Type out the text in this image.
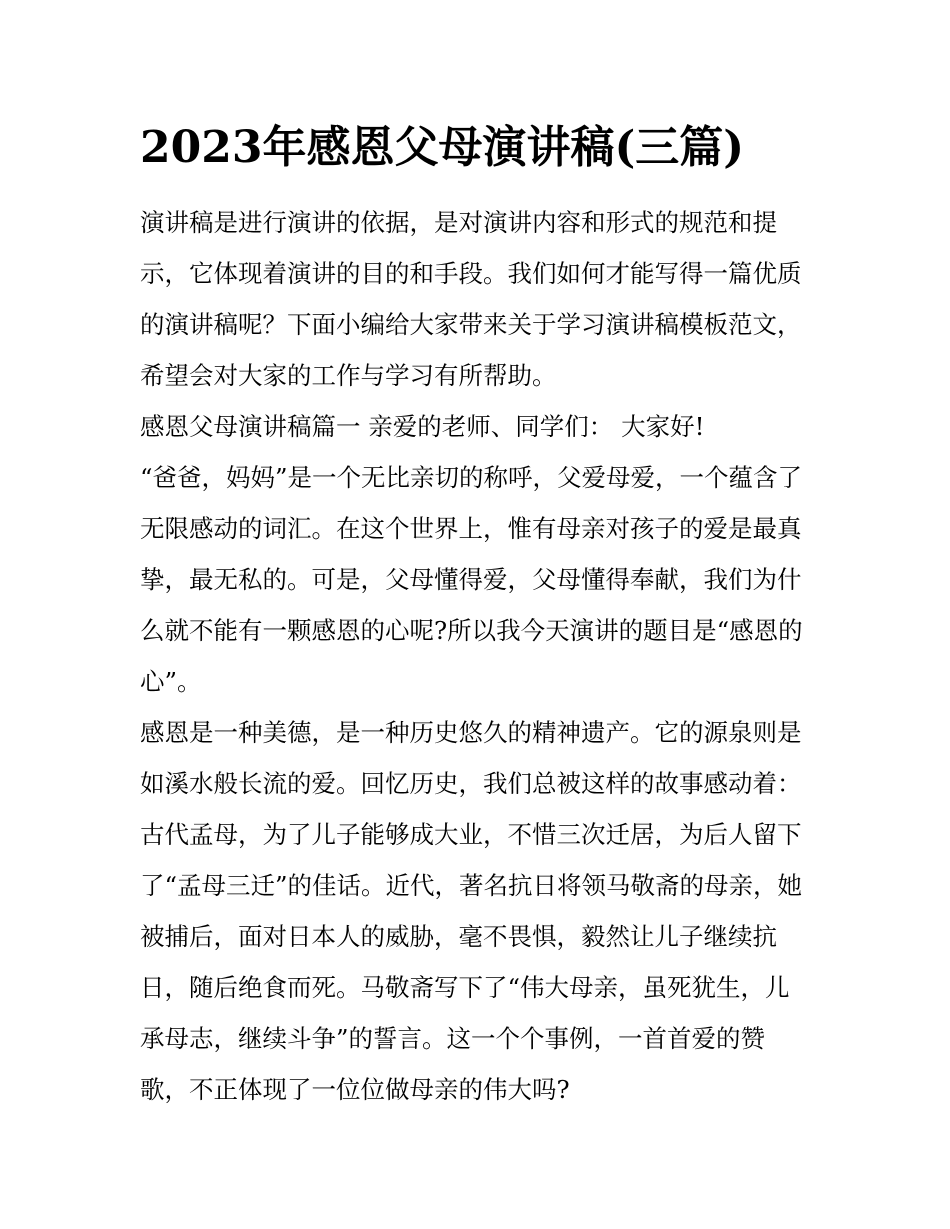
2023年感恩父母演讲稿(三篇)

演讲稿是进行演讲的依据，是对演讲内容和形式的规范和提
示，它体现着演讲的目的和手段。我们如何才能写得一篇优质
的演讲稿呢？下面小编给大家带来关于学习演讲稿模板范文，
希望会对大家的工作与学习有所帮助。

感恩父母演讲稿篇一 亲爱的老师、同学们： 大家好!

“爸爸，妈妈”是一个无比亲切的称呼，父爱母爱，一个蕴含了
无限感动的词汇。在这个世界上，惟有母亲对孩子的爱是最真
挚，最无私的。可是，父母懂得爱，父母懂得奉献，我们为什
么就不能有一颗感恩的心呢?所以我今天演讲的题目是“感恩的
心”。

感恩是一种美德，是一种历史悠久的精神遗产。它的源泉则是
如溪水般长流的爱。回忆历史，我们总被这样的故事感动着：
古代孟母，为了儿子能够成大业，不惜三次迁居，为后人留下
了“孟母三迁”的佳话。近代，著名抗日将领马敬斋的母亲，她
被捕后，面对日本人的威胁，毫不畏惧，毅然让儿子继续抗
日，随后绝食而死。马敬斋写下了“伟大母亲，虽死犹生，儿
承母志，继续斗争”的誓言。这一个个事例，一首首爱的赞
歌，不正体现了一位位做母亲的伟大吗?
